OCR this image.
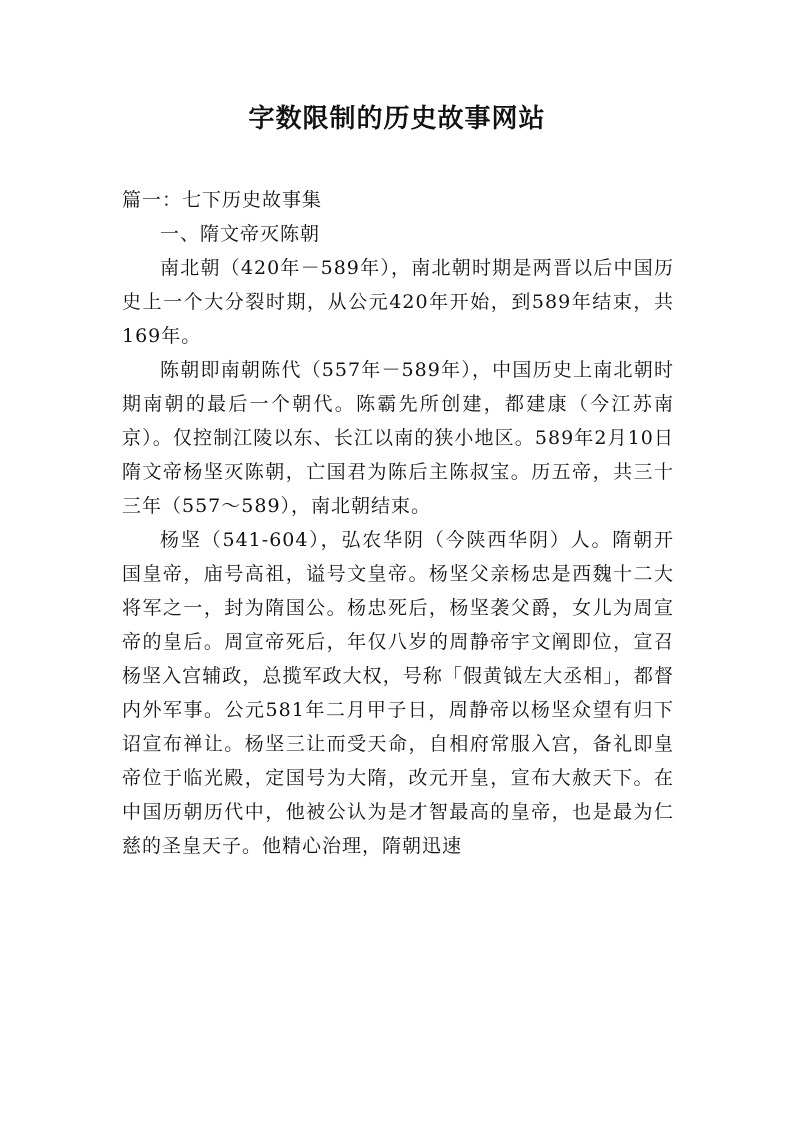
字数限制的历史故事网站

篇一：七下历史故事集

一、隋文帝灭陈朝

南北朝（420年－589年），南北朝时期是两晋以后中国历史上一个大分裂时期，从公元420年开始，到589年结束，共169年。

陈朝即南朝陈代（557年－589年），中国历史上南北朝时期南朝的最后一个朝代。陈霸先所创建，都建康（今江苏南京）。仅控制江陵以东、长江以南的狭小地区。589年2月10日 隋文帝杨坚灭陈朝，亡国君为陈后主陈叔宝。历五帝，共三十三年（557～589），南北朝结束。

杨坚（541-604），弘农华阴（今陕西华阴）人。隋朝开国皇帝，庙号高祖，谥号文皇帝。杨坚父亲杨忠是西魏十二大将军之一，封为隋国公。杨忠死后，杨坚袭父爵，女儿为周宣帝的皇后。周宣帝死后，年仅八岁的周静帝宇文阐即位，宣召杨坚入宫辅政，总揽军政大权，号称「假黄钺左大丞相」，都督内外军事。公元581年二月甲子日，周静帝以杨坚众望有归下诏宣布禅让。杨坚三让而受天命，自相府常服入宫，备礼即皇帝位于临光殿，定国号为大隋，改元开皇，宣布大赦天下。在中国历朝历代中，他被公认为是才智最高的皇帝，也是最为仁慈的圣皇天子。他精心治理，隋朝迅速
